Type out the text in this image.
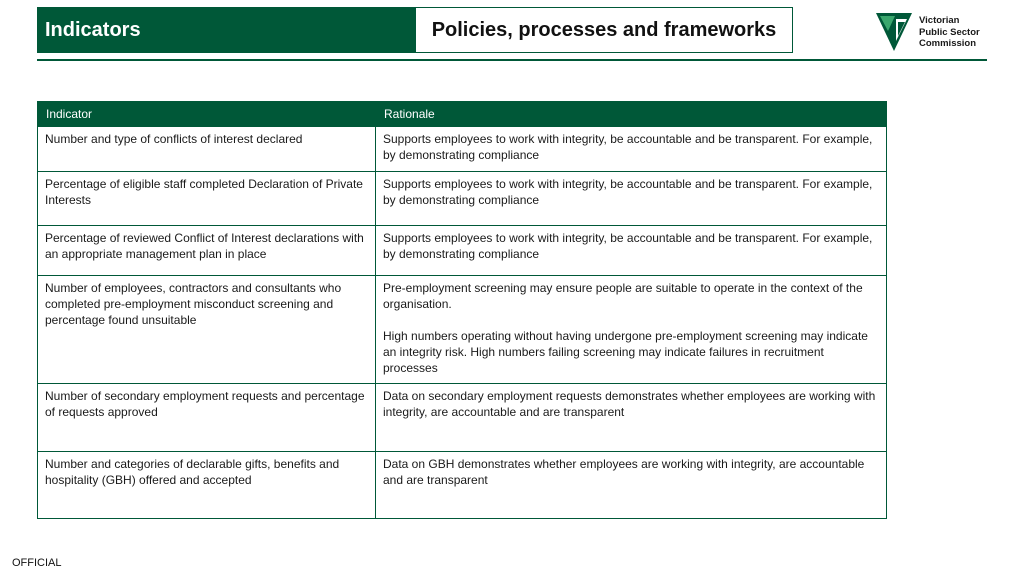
Indicators	Policies, processes and frameworks	Victorian
Public Sector
Commission
Indicator	Rationale

Number and type of conflicts of interest declared	Supports employees to work with integrity, be accountable and be transparent. For example, by demonstrating compliance

Percentage of eligible staff completed Declaration of Private Interests	Supports employees to work with integrity, be accountable and be transparent. For example, by demonstrating compliance

Percentage of reviewed Conflict of Interest declarations with an appropriate management plan in place	Supports employees to work with integrity, be accountable and be transparent. For example, by demonstrating compliance

Number of employees, contractors and consultants who completed pre-employment misconduct screening and percentage found unsuitable	Pre-employment screening may ensure people are suitable to operate in the context of the organisation.

High numbers operating without having undergone pre-employment screening may indicate an integrity risk. High numbers failing screening may indicate failures in recruitment processes

Number of secondary employment requests and percentage of requests approved	Data on secondary employment requests demonstrates whether employees are working with integrity, are accountable and are transparent

Number and categories of declarable gifts, benefits and hospitality (GBH) offered and accepted	Data on GBH demonstrates whether employees are working with integrity, are accountable and are transparent

OFFICIAL
